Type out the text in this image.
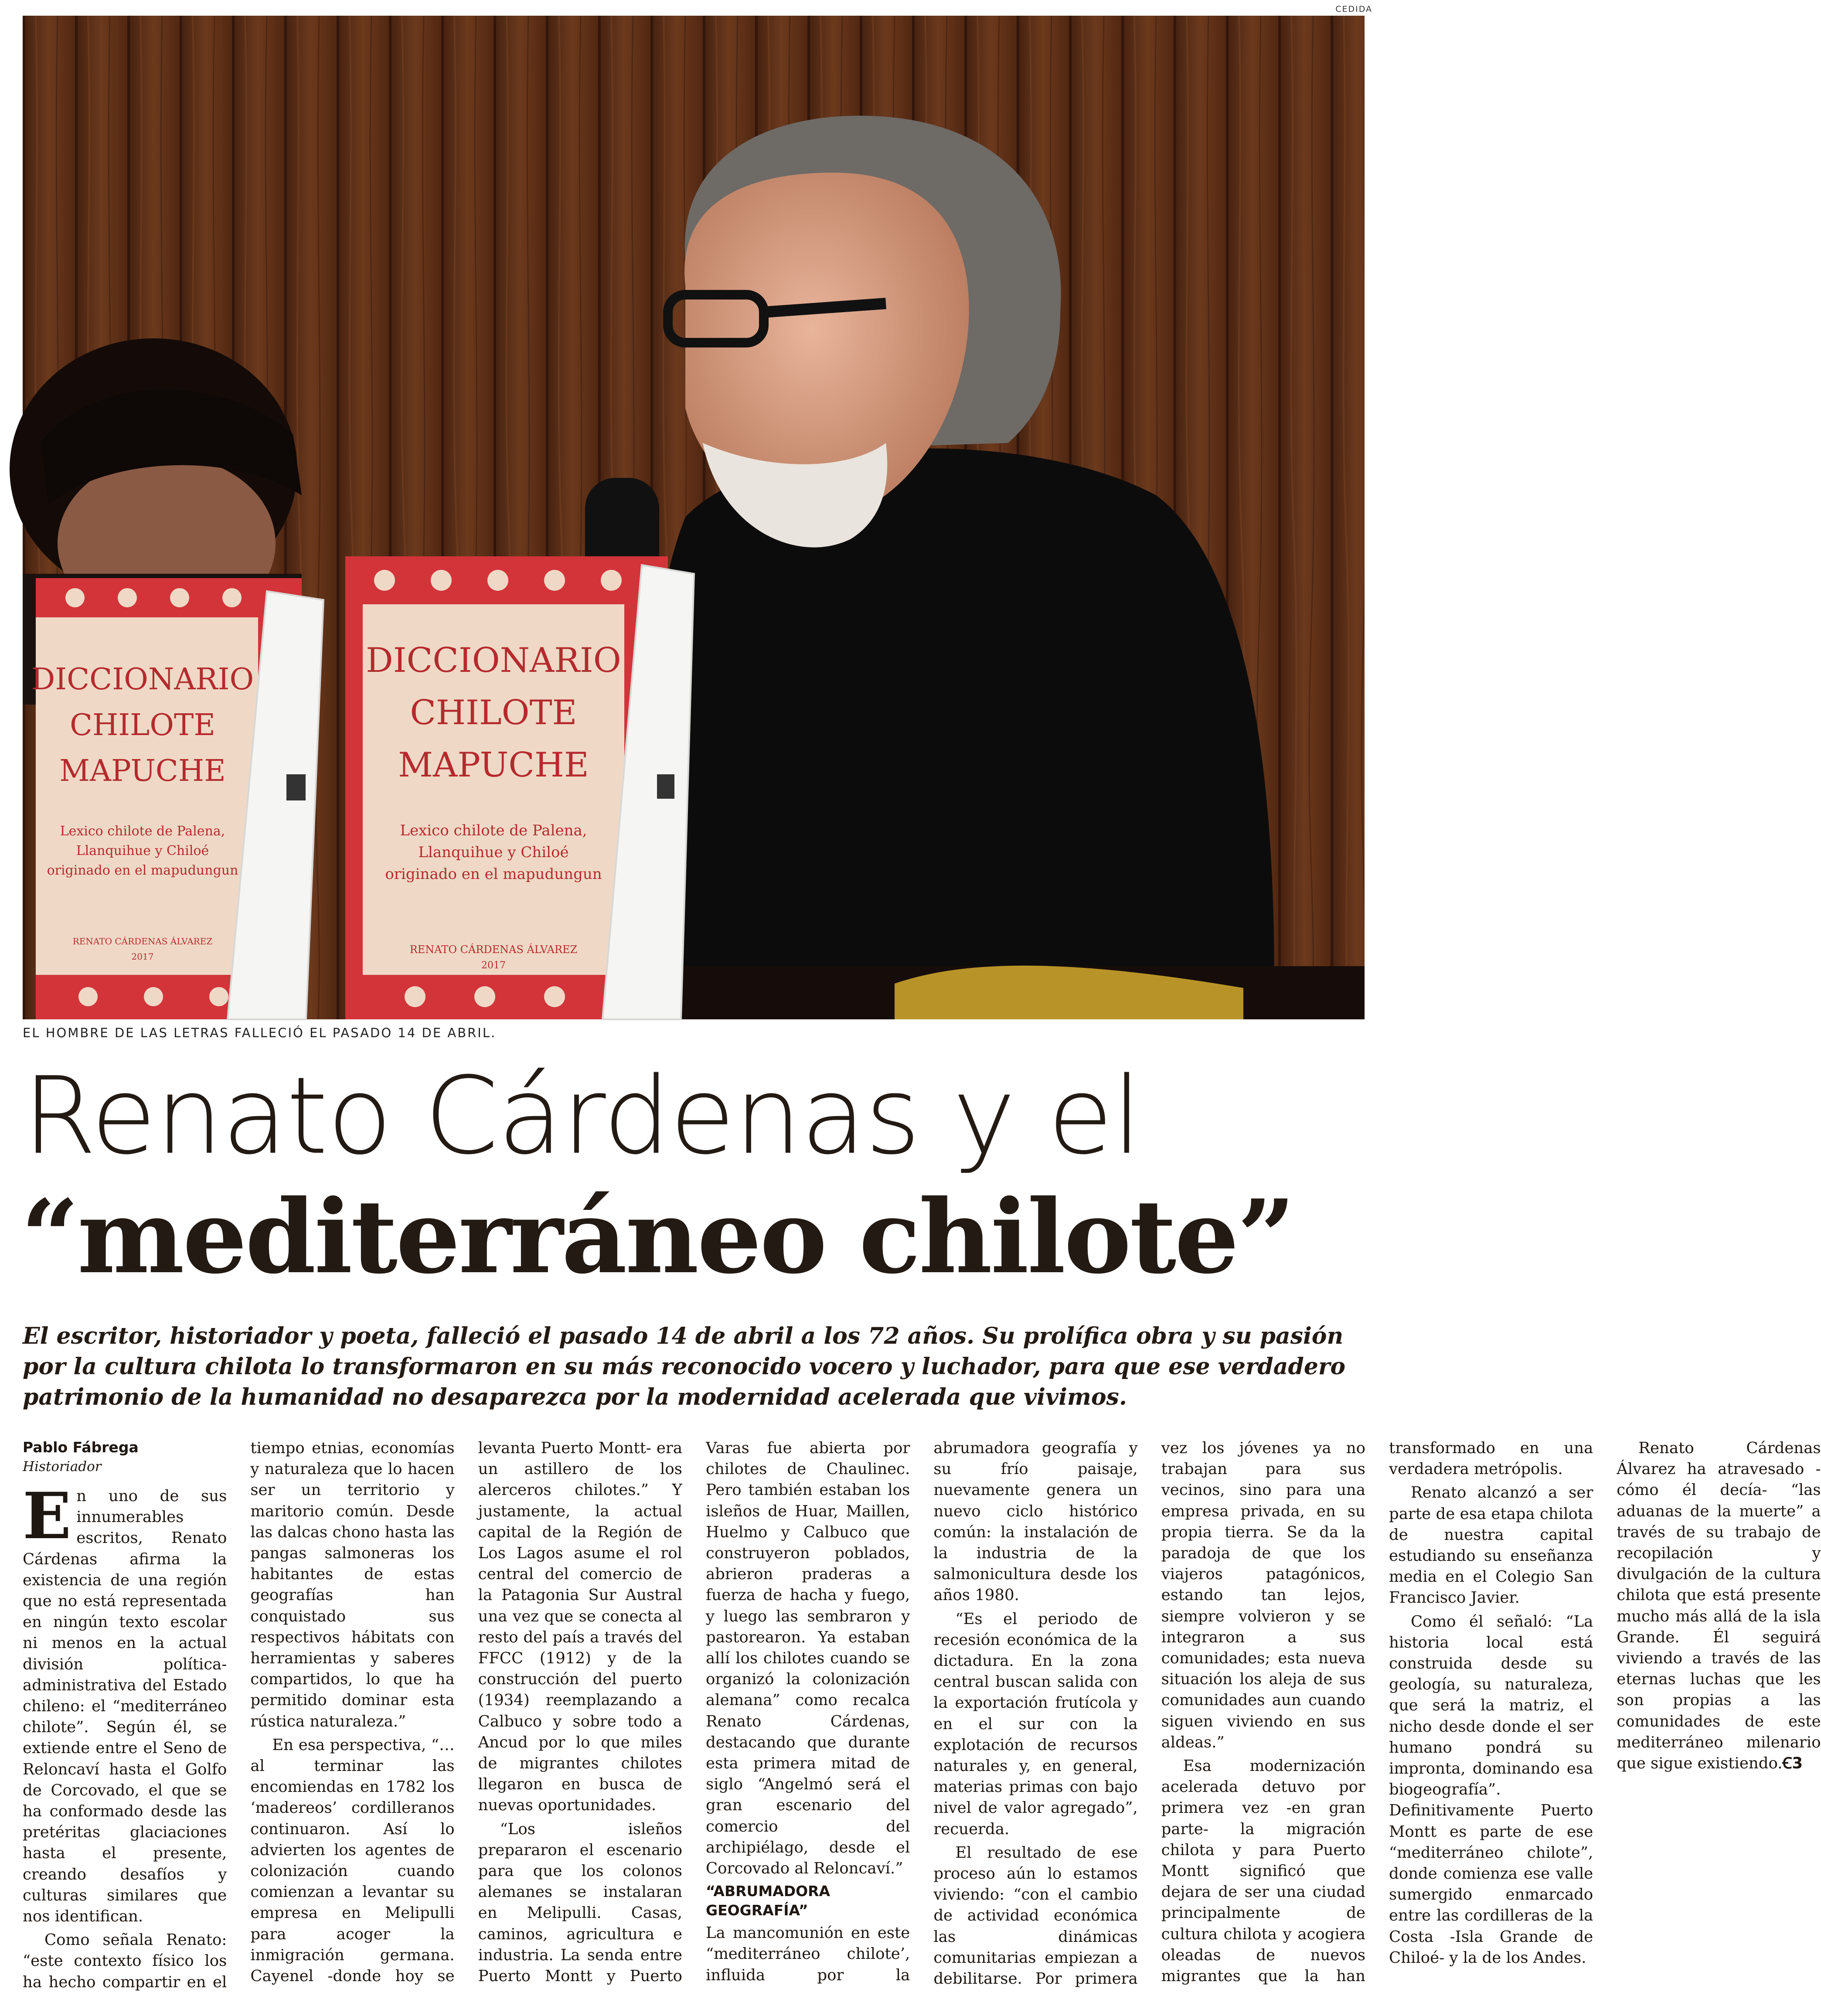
CEDIDA
DICCIONARIO
CHILOTE
MAPUCHE
Lexico chilote de Palena,
Llanquihue y Chiloé
originado en el mapudungun
RENATO CÁRDENAS ÁLVAREZ
2017
DICCIONARIO
CHILOTE
MAPUCHE
Lexico chilote de Palena,
Llanquihue y Chiloé
originado en el mapudungun
RENATO CÁRDENAS ÁLVAREZ
2017
EL HOMBRE DE LAS LETRAS FALLECIÓ EL PASADO 14 DE ABRIL.
Renato Cárdenas y el
“mediterráneo chilote”

El escritor, historiador y poeta, falleció el pasado 14 de abril a los 72 años. Su prolífica obra y su pasión por la cultura chilota lo transformaron en su más reconocido vocero y luchador, para que ese verdadero patrimonio de la humanidad no desaparezca por la modernidad acelerada que vivimos.

Pablo Fábrega
Historiador

En uno de sus innumerables escritos, Renato Cárdenas afirma la existencia de una región que no está representada en ningún texto escolar ni menos en la actual división política-administrativa del Estado chileno: el “mediterráneo chilote”. Según él, se extiende entre el Seno de Reloncaví hasta el Golfo de Corcovado, el que se ha conformado desde las pretéritas glaciaciones hasta el presente, creando desafíos y culturas similares que nos identifican.

Como señala Renato: “este contexto físico los ha hecho compartir en el tiempo etnias, economías y naturaleza que lo hacen ser un territorio y maritorio común. Desde las dalcas chono hasta las pangas salmoneras los habitantes de estas geografías han conquistado sus respectivos hábitats con herramientas y saberes compartidos, lo que ha permitido dominar esta rústica naturaleza.”

En esa perspectiva, “…al terminar las encomiendas en 1782 los ‘madereos’ cordilleranos continuaron. Así lo advierten los agentes de colonización cuando comienzan a levantar su empresa en Melipulli para acoger la inmigración germana. Cayenel -donde hoy se levanta Puerto Montt- era un astillero de los alerceros chilotes.” Y justamente, la actual capital de la Región de Los Lagos asume el rol central del comercio de la Patagonia Sur Austral una vez que se conecta al resto del país a través del FFCC (1912) y de la construcción del puerto (1934) reemplazando a Calbuco y sobre todo a Ancud por lo que miles de migrantes chilotes llegaron en busca de nuevas oportunidades.

“Los isleños prepararon el escenario para que los colonos alemanes se instalaran en Melipulli. Casas, caminos, agricultura e industria. La senda entre Puerto Montt y Puerto Varas fue abierta por chilotes de Chaulinec. Pero también estaban los isleños de Huar, Maillen, Huelmo y Calbuco que construyeron poblados, abrieron praderas a fuerza de hacha y fuego, y luego las sembraron y pastorearon. Ya estaban allí los chilotes cuando se organizó la colonización alemana” como recalca Renato Cárdenas, destacando que durante esta primera mitad de siglo “Angelmó será el gran escenario del comercio del archipiélago, desde el Corcovado al Reloncaví.”

“ABRUMADORA GEOGRAFÍA”

La mancomunión en este “mediterráneo chilote’, influida por la abrumadora geografía y su frío paisaje, nuevamente genera un nuevo ciclo histórico común: la instalación de la industria de la salmonicultura desde los años 1980.

“Es el periodo de recesión económica de la dictadura. En la zona central buscan salida con la exportación frutícola y en el sur con la explotación de recursos naturales y, en general, materias primas con bajo nivel de valor agregado”, recuerda.

El resultado de ese proceso aún lo estamos viviendo: “con el cambio de actividad económica las dinámicas comunitarias empiezan a debilitarse. Por primera vez los jóvenes ya no trabajan para sus vecinos, sino para una empresa privada, en su propia tierra. Se da la paradoja de que los viajeros patagónicos, estando tan lejos, siempre volvieron y se integraron a sus comunidades; esta nueva situación los aleja de sus comunidades aun cuando siguen viviendo en sus aldeas.”

Esa modernización acelerada detuvo por primera vez -en gran parte- la migración chilota y para Puerto Montt significó que dejara de ser una ciudad principalmente de cultura chilota y acogiera oleadas de nuevos migrantes que la han transformado en una verdadera metrópolis.

Renato alcanzó a ser parte de esa etapa chilota de nuestra capital estudiando su enseñanza media en el Colegio San Francisco Javier.

Como él señaló: “La historia local está construida desde su geología, su naturaleza, que será la matriz, el nicho desde donde el ser humano pondrá su impronta, dominando esa biogeografía”. Definitivamente Puerto Montt es parte de ese “mediterráneo chilote”, donde comienza ese valle sumergido enmarcado entre las cordilleras de la Costa -Isla Grande de Chiloé- y la de los Andes.

Renato Cárdenas Álvarez ha atravesado -cómo él decía- “las aduanas de la muerte” a través de su trabajo de recopilación y divulgación de la cultura chilota que está presente mucho más allá de la isla Grande. Él seguirá viviendo a través de las eternas luchas que les son propias a las comunidades de este mediterráneo milenario que sigue existiendo.Ꞓ3
